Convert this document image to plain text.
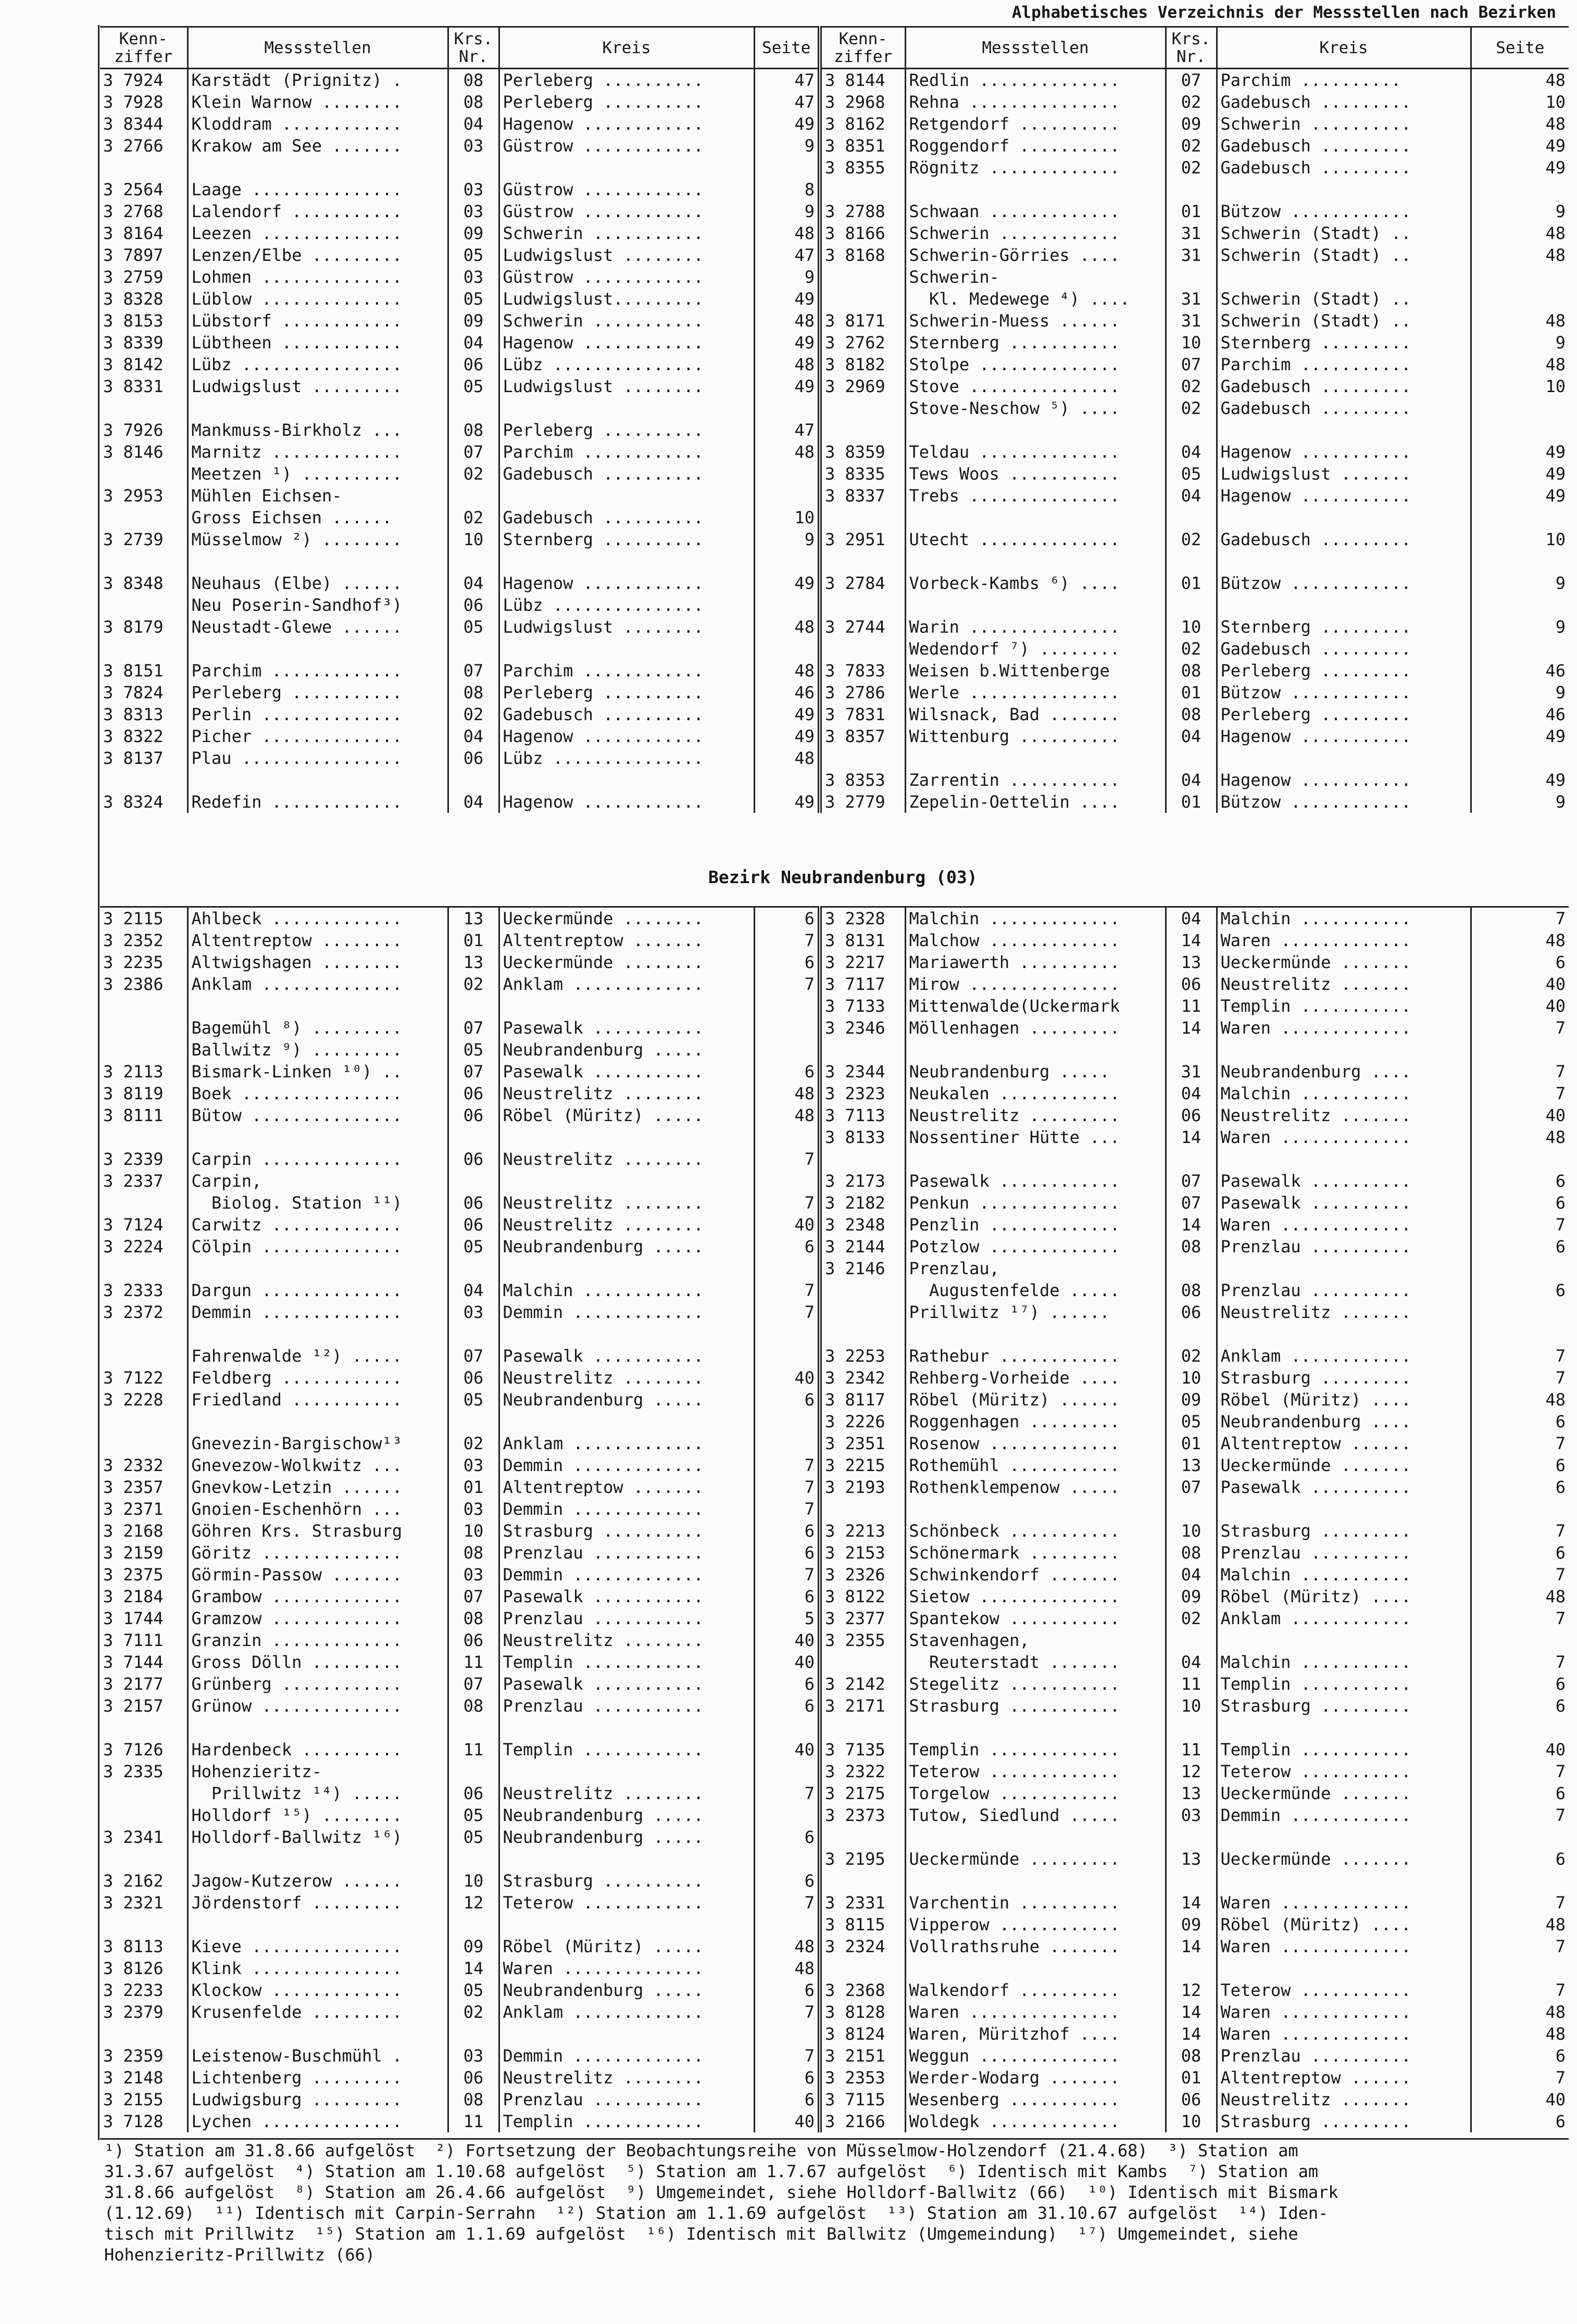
Alphabetisches Verzeichnis der Messstellen nach Bezirken
Kenn-
ziffer	Messstellen	Krs.
Nr.	Kreis	Seite	Kenn-
ziffer	Messstellen	Krs.
Nr.	Kreis	Seite
3 7924	Karstädt (Prignitz) .	08	Perleberg ..........	47	3 8144	Redlin ..............	07	Parchim ..........	48
3 7928	Klein Warnow ........	08	Perleberg ..........	47	3 2968	Rehna ...............	02	Gadebusch .........	10
3 8344	Kloddram ............	04	Hagenow ............	49	3 8162	Retgendorf ..........	09	Schwerin ..........	48
3 2766	Krakow am See .......	03	Güstrow ............	9	3 8351	Roggendorf ..........	02	Gadebusch .........	49
					3 8355	Rögnitz .............	02	Gadebusch .........	49
3 2564	Laage ...............	03	Güstrow ............	8					
3 2768	Lalendorf ...........	03	Güstrow ............	9	3 2788	Schwaan .............	01	Bützow ............	9
3 8164	Leezen ..............	09	Schwerin ...........	48	3 8166	Schwerin ............	31	Schwerin (Stadt) ..	48
3 7897	Lenzen/Elbe .........	05	Ludwigslust ........	47	3 8168	Schwerin-Görries ....	31	Schwerin (Stadt) ..	48
3 2759	Lohmen ..............	03	Güstrow ............	9		Schwerin-			
3 8328	Lüblow ..............	05	Ludwigslust.........	49		Kl. Medewege ⁴) ....	31	Schwerin (Stadt) ..	
3 8153	Lübstorf ............	09	Schwerin ...........	48	3 8171	Schwerin-Muess ......	31	Schwerin (Stadt) ..	48
3 8339	Lübtheen ............	04	Hagenow ............	49	3 2762	Sternberg ...........	10	Sternberg .........	9
3 8142	Lübz ................	06	Lübz ...............	48	3 8182	Stolpe ..............	07	Parchim ...........	48
3 8331	Ludwigslust .........	05	Ludwigslust ........	49	3 2969	Stove ...............	02	Gadebusch .........	10
						Stove-Neschow ⁵) ....	02	Gadebusch .........	
3 7926	Mankmuss-Birkholz ...	08	Perleberg ..........	47					
3 8146	Marnitz .............	07	Parchim ............	48	3 8359	Teldau ..............	04	Hagenow ...........	49
	Meetzen ¹) ..........	02	Gadebusch ..........		3 8335	Tews Woos ...........	05	Ludwigslust .......	49
3 2953	Mühlen Eichsen-				3 8337	Trebs ...............	04	Hagenow ...........	49
	Gross Eichsen ......	02	Gadebusch ..........	10					
3 2739	Müsselmow ²) ........	10	Sternberg ..........	9	3 2951	Utecht ..............	02	Gadebusch .........	10

3 8348	Neuhaus (Elbe) ......	04	Hagenow ............	49	3 2784	Vorbeck-Kambs ⁶) ....	01	Bützow ............	9
	Neu Poserin-Sandhof³)	06	Lübz ...............						
3 8179	Neustadt-Glewe ......	05	Ludwigslust ........	48	3 2744	Warin ...............	10	Sternberg .........	9
						Wedendorf ⁷) ........	02	Gadebusch .........	
3 8151	Parchim .............	07	Parchim ............	48	3 7833	Weisen b.Wittenberge	08	Perleberg .........	46
3 7824	Perleberg ...........	08	Perleberg ..........	46	3 2786	Werle ...............	01	Bützow ............	9
3 8313	Perlin ..............	02	Gadebusch ..........	49	3 7831	Wilsnack, Bad .......	08	Perleberg .........	46
3 8322	Picher ..............	04	Hagenow ............	49	3 8357	Wittenburg ..........	04	Hagenow ...........	49
3 8137	Plau ................	06	Lübz ...............	48					
					3 8353	Zarrentin ...........	04	Hagenow ...........	49
3 8324	Redefin .............	04	Hagenow ............	49	3 2779	Zepelin-Oettelin ....	01	Bützow ............	9
Bezirk Neubrandenburg (03)
3 2115	Ahlbeck .............	13	Ueckermünde ........	6	3 2328	Malchin .............	04	Malchin ...........	7
3 2352	Altentreptow ........	01	Altentreptow .......	7	3 8131	Malchow .............	14	Waren .............	48
3 2235	Altwigshagen ........	13	Ueckermünde ........	6	3 2217	Mariawerth ..........	13	Ueckermünde .......	6
3 2386	Anklam ..............	02	Anklam .............	7	3 7117	Mirow ...............	06	Neustrelitz .......	40
					3 7133	Mittenwalde(Uckermark	11	Templin ...........	40
	Bagemühl ⁸) .........	07	Pasewalk ...........		3 2346	Möllenhagen .........	14	Waren .............	7
	Ballwitz ⁹) .........	05	Neubrandenburg .....						
3 2113	Bismark-Linken ¹⁰) ..	07	Pasewalk ...........	6	3 2344	Neubrandenburg .....	31	Neubrandenburg ....	7
3 8119	Boek ................	06	Neustrelitz ........	48	3 2323	Neukalen ............	04	Malchin ...........	7
3 8111	Bütow ...............	06	Röbel (Müritz) .....	48	3 7113	Neustrelitz .........	06	Neustrelitz .......	40
					3 8133	Nossentiner Hütte ...	14	Waren .............	48
3 2339	Carpin ..............	06	Neustrelitz ........	7					
3 2337	Carpin,				3 2173	Pasewalk ............	07	Pasewalk ..........	6
	Biolog. Station ¹¹)	06	Neustrelitz ........	7	3 2182	Penkun ..............	07	Pasewalk ..........	6
3 7124	Carwitz .............	06	Neustrelitz ........	40	3 2348	Penzlin .............	14	Waren .............	7
3 2224	Cölpin ..............	05	Neubrandenburg .....	6	3 2144	Potzlow .............	08	Prenzlau ..........	6
					3 2146	Prenzlau,			
3 2333	Dargun ..............	04	Malchin ............	7		Augustenfelde .....	08	Prenzlau ..........	6
3 2372	Demmin ..............	03	Demmin .............	7		Prillwitz ¹⁷) ......	06	Neustrelitz .......	

	Fahrenwalde ¹²) .....	07	Pasewalk ...........		3 2253	Rathebur ............	02	Anklam ............	7
3 7122	Feldberg ............	06	Neustrelitz ........	40	3 2342	Rehberg-Vorheide ....	10	Strasburg .........	7
3 2228	Friedland ...........	05	Neubrandenburg .....	6	3 8117	Röbel (Müritz) ......	09	Röbel (Müritz) ....	48
					3 2226	Roggenhagen .........	05	Neubrandenburg ....	6
	Gnevezin-Bargischow¹³	02	Anklam .............		3 2351	Rosenow .............	01	Altentreptow ......	7
3 2332	Gnevezow-Wolkwitz ...	03	Demmin .............	7	3 2215	Rothemühl ...........	13	Ueckermünde .......	6
3 2357	Gnevkow-Letzin ......	01	Altentreptow .......	7	3 2193	Rothenklempenow .....	07	Pasewalk ..........	6
3 2371	Gnoien-Eschenhörn ...	03	Demmin .............	7					
3 2168	Göhren Krs. Strasburg	10	Strasburg ..........	6	3 2213	Schönbeck ...........	10	Strasburg .........	7
3 2159	Göritz ..............	08	Prenzlau ...........	6	3 2153	Schönermark .........	08	Prenzlau ..........	6
3 2375	Görmin-Passow .......	03	Demmin .............	7	3 2326	Schwinkendorf .......	04	Malchin ...........	7
3 2184	Grambow .............	07	Pasewalk ...........	6	3 8122	Sietow ..............	09	Röbel (Müritz) ....	48
3 1744	Gramzow .............	08	Prenzlau ...........	5	3 2377	Spantekow ...........	02	Anklam ............	7
3 7111	Granzin .............	06	Neustrelitz ........	40	3 2355	Stavenhagen,			
3 7144	Gross Dölln .........	11	Templin ............	40		Reuterstadt .......	04	Malchin ...........	7
3 2177	Grünberg ............	07	Pasewalk ...........	6	3 2142	Stegelitz ...........	11	Templin ...........	6
3 2157	Grünow ..............	08	Prenzlau ...........	6	3 2171	Strasburg ...........	10	Strasburg .........	6

3 7126	Hardenbeck ..........	11	Templin ............	40	3 7135	Templin .............	11	Templin ...........	40
3 2335	Hohenzieritz-				3 2322	Teterow .............	12	Teterow ...........	7
	Prillwitz ¹⁴) .....	06	Neustrelitz ........	7	3 2175	Torgelow ............	13	Ueckermünde .......	6
	Holldorf ¹⁵) ........	05	Neubrandenburg .....		3 2373	Tutow, Siedlund .....	03	Demmin ............	7
3 2341	Holldorf-Ballwitz ¹⁶)	05	Neubrandenburg .....	6					
					3 2195	Ueckermünde .........	13	Ueckermünde .......	6
3 2162	Jagow-Kutzerow ......	10	Strasburg ..........	6					
3 2321	Jördenstorf .........	12	Teterow ............	7	3 2331	Varchentin ..........	14	Waren .............	7
					3 8115	Vipperow ............	09	Röbel (Müritz) ....	48
3 8113	Kieve ...............	09	Röbel (Müritz) .....	48	3 2324	Vollrathsruhe .......	14	Waren .............	7
3 8126	Klink ...............	14	Waren ..............	48					
3 2233	Klockow .............	05	Neubrandenburg .....	6	3 2368	Walkendorf ..........	12	Teterow ...........	7
3 2379	Krusenfelde .........	02	Anklam .............	7	3 8128	Waren ...............	14	Waren .............	48
					3 8124	Waren, Müritzhof ....	14	Waren .............	48
3 2359	Leistenow-Buschmühl .	03	Demmin .............	7	3 2151	Weggun ..............	08	Prenzlau ..........	6
3 2148	Lichtenberg .........	06	Neustrelitz ........	6	3 2353	Werder-Wodarg .......	01	Altentreptow ......	7
3 2155	Ludwigsburg .........	08	Prenzlau ...........	6	3 7115	Wesenberg ...........	06	Neustrelitz .......	40
3 7128	Lychen ..............	11	Templin ............	40	3 2166	Woldegk .............	10	Strasburg .........	6
¹) Station am 31.8.66 aufgelöst  ²) Fortsetzung der Beobachtungsreihe von Müsselmow-Holzendorf (21.4.68)  ³) Station am
31.3.67 aufgelöst  ⁴) Station am 1.10.68 aufgelöst  ⁵) Station am 1.7.67 aufgelöst  ⁶) Identisch mit Kambs  ⁷) Station am
31.8.66 aufgelöst  ⁸) Station am 26.4.66 aufgelöst  ⁹) Umgemeindet, siehe Holldorf-Ballwitz (66)  ¹⁰) Identisch mit Bismark
(1.12.69)  ¹¹) Identisch mit Carpin-Serrahn  ¹²) Station am 1.1.69 aufgelöst  ¹³) Station am 31.10.67 aufgelöst  ¹⁴) Iden-
tisch mit Prillwitz  ¹⁵) Station am 1.1.69 aufgelöst  ¹⁶) Identisch mit Ballwitz (Umgemeindung)  ¹⁷) Umgemeindet, siehe
Hohenzieritz-Prillwitz (66)
